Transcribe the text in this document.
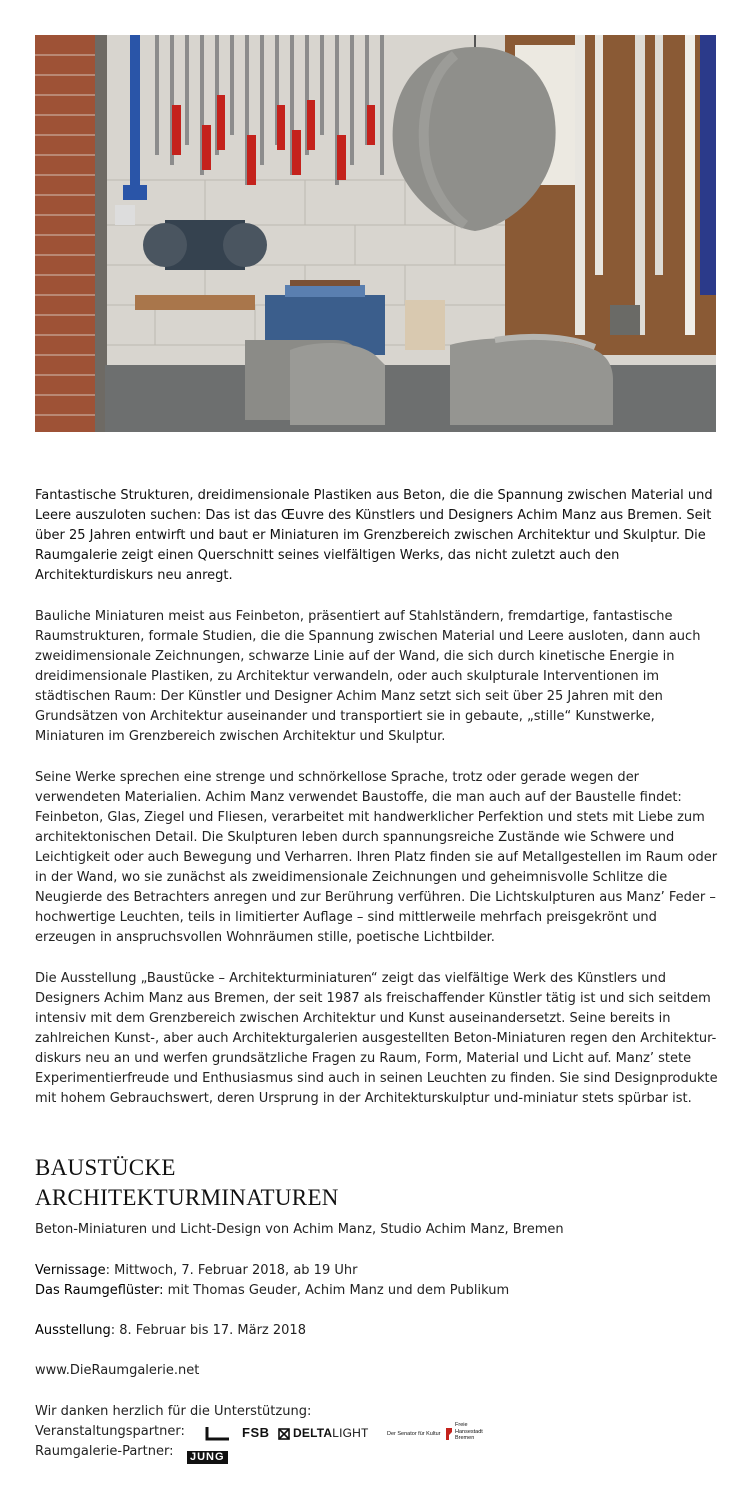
Fantastische Strukturen, dreidimensionale Plastiken aus Beton, die die Spannung zwischen Material und Leere auszuloten suchen: Das ist das Œuvre des Künstlers und Designers Achim Manz aus Bremen. Seit über 25 Jahren entwirft und baut er Miniaturen im Grenzbereich zwischen Architektur und Skulptur. Die Raumgalerie zeigt einen Querschnitt seines vielfältigen Werks, das nicht zuletzt auch den Architekturdiskurs neu anregt.

Bauliche Miniaturen meist aus Feinbeton, präsentiert auf Stahlständern, fremdartige, fantastische Raumstrukturen, formale Studien, die die Spannung zwischen Material und Leere ausloten, dann auch zweidimensionale Zeichnungen, schwarze Linie auf der Wand, die sich durch kinetische Energie in dreidimensionale Plastiken, zu Architektur verwandeln, oder auch skulpturale Interventionen im städtischen Raum: Der Künstler und Designer Achim Manz setzt sich seit über 25 Jahren mit den Grundsätzen von Architektur auseinander und transportiert sie in gebaute, „stille“ Kunstwerke, Miniaturen im Grenzbereich zwischen Architektur und Skulptur.

Seine Werke sprechen eine strenge und schnörkellose Sprache, trotz oder gerade wegen der verwendeten Materialien. Achim Manz verwendet Baustoffe, die man auch auf der Baustelle findet: Feinbeton, Glas, Ziegel und Fliesen, verarbeitet mit handwerklicher Perfektion und stets mit Liebe zum architektonischen Detail. Die Skulpturen leben durch spannungsreiche Zustände wie Schwere und Leichtigkeit oder auch Bewegung und Verharren. Ihren Platz finden sie auf Metallgestellen im Raum oder in der Wand, wo sie zunächst als zweidimensionale Zeichnungen und geheimnisvolle Schlitze die Neugierde des Betrachters anregen und zur Berührung verführen. Die Lichtskulpturen aus Manz’ Feder – hochwertige Leuchten, teils in limitierter Auflage – sind mittlerweile mehrfach preisgekrönt und erzeugen in anspruchsvollen Wohnräumen stille, poetische Lichtbilder.

Die Ausstellung „Baustücke – Architekturminiaturen“ zeigt das vielfältige Werk des Künstlers und Designers Achim Manz aus Bremen, der seit 1987 als freischaffender Künstler tätig ist und sich seitdem intensiv mit dem Grenzbereich zwischen Architektur und Kunst auseinandersetzt. Seine bereits in zahlreichen Kunst-, aber auch Architekturgalerien ausgestellten Beton-Miniaturen regen den Architektur-diskurs neu an und werfen grundsätzliche Fragen zu Raum, Form, Material und Licht auf. Manz’ stete Experimentierfreude und Enthusiasmus sind auch in seinen Leuchten zu finden. Sie sind Designprodukte mit hohem Gebrauchswert, deren Ursprung in der Architekturskulptur und-miniatur stets spürbar ist.

BAUSTÜCKE
ARCHITEKTURMINATUREN
Beton-Miniaturen und Licht-Design von Achim Manz, Studio Achim Manz, Bremen
Vernissage: Mittwoch, 7. Februar 2018, ab 19 Uhr
Das Raumgeflüster: mit Thomas Geuder, Achim Manz und dem Publikum
Ausstellung: 8. Februar bis 17. März 2018
www.DieRaumgalerie.net
Wir danken herzlich für die Unterstützung:
Veranstaltungspartner:
Raumgalerie-Partner:
FSB DELTALIGHT	Der Senator für Kultur
Freie
Hansestadt
Bremen
JUNG
